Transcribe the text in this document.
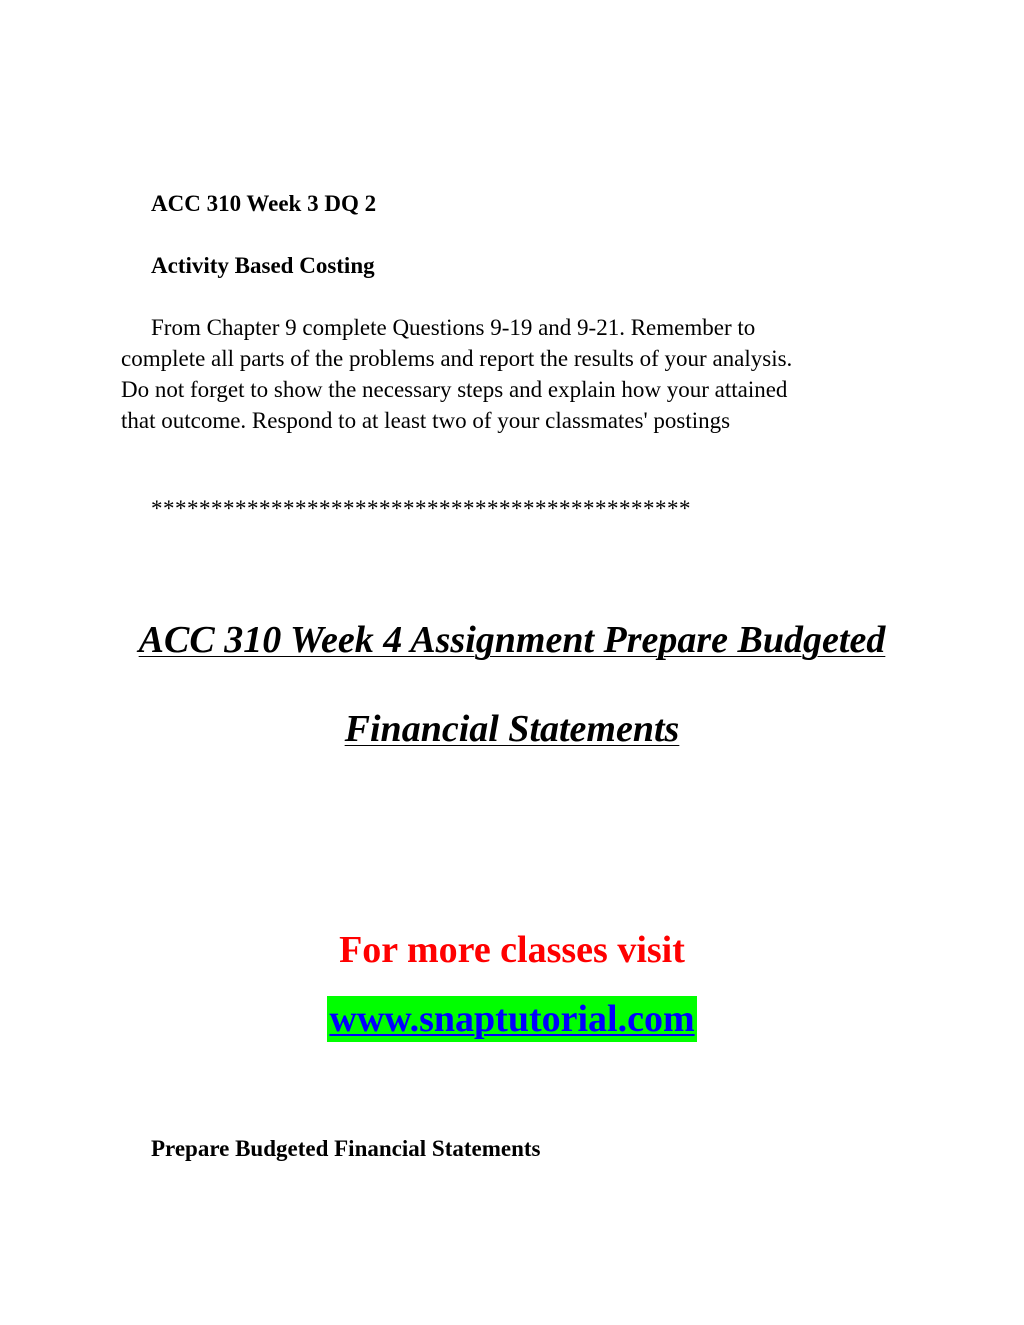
ACC 310 Week 3 DQ 2
Activity Based Costing

From Chapter 9 complete Questions 9-19 and 9-21. Remember to
complete all parts of the problems and report the results of your analysis.
Do not forget to show the necessary steps and explain how your attained
that outcome. Respond to at least two of your classmates' postings

*********************************************
ACC 310 Week 4 Assignment Prepare Budgeted
Financial Statements
For more classes visit
www.snaptutorial.com
Prepare Budgeted Financial Statements
